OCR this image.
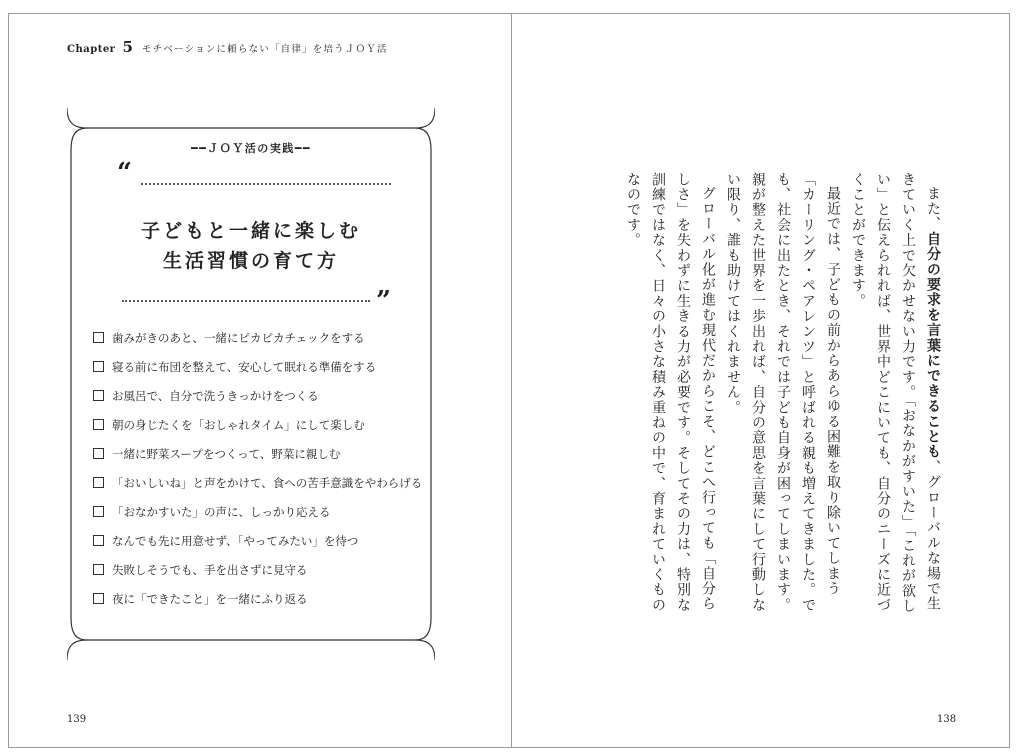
Chapter 5 モチベーションに頼らない「自律」を培うＪＯＹ活
━━ＪＯＹ活の実践━━
“
子どもと一緒に楽しむ
生活習慣の育て方
”
歯みがきのあと、一緒にピカピカチェックをする
寝る前に布団を整えて、安心して眠れる準備をする
お風呂で、自分で洗うきっかけをつくる
朝の身じたくを「おしゃれタイム」にして楽しむ
一緒に野菜スープをつくって、野菜に親しむ
「おいしいね」と声をかけて、食への苦手意識をやわらげる
「おなかすいた」の声に、しっかり応える
なんでも先に用意せず、「やってみたい」を待つ
失敗しそうでも、手を出さずに見守る
夜に「できたこと」を一緒にふり返る
139

また、自分の要求を言葉にできることも、グローバルな場で生きていく上で欠かせない力です。「おなかがすいた」「これが欲しい」と伝えられれば、世界中どこにいても、自分のニーズに近づくことができます。

最近では、子どもの前からあらゆる困難を取り除いてしまう「カーリング・ペアレンツ」と呼ばれる親も増えてきました。でも、社会に出たとき、それでは子ども自身が困ってしまいます。親が整えた世界を一歩出れば、自分の意思を言葉にして行動しない限り、誰も助けてはくれません。

グローバル化が進む現代だからこそ、どこへ行っても「自分らしさ」を失わずに生きる力が必要です。そしてその力は、特別な訓練ではなく、日々の小さな積み重ねの中で、育まれていくものなのです。

138
